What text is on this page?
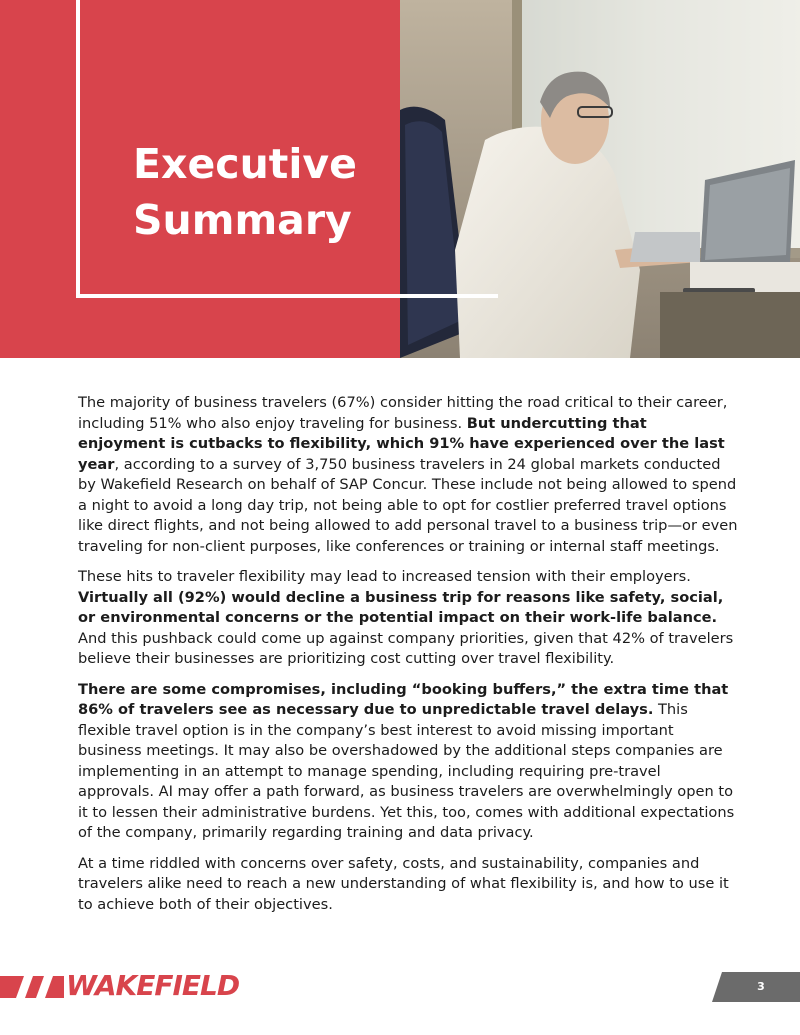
Executive
Summary

The majority of business travelers (67%) consider hitting the road critical to their career, including 51% who also enjoy traveling for business. But undercutting that enjoyment is cutbacks to flexibility, which 91% have experienced over the last year, according to a survey of 3,750 business travelers in 24 global markets conducted by Wakefield Research on behalf of SAP Concur. These include not being allowed to spend a night to avoid a long day trip, not being able to opt for costlier preferred travel options like direct flights, and not being allowed to add personal travel to a business trip—or even traveling for non-client purposes, like conferences or training or internal staff meetings.

These hits to traveler flexibility may lead to increased tension with their employers. Virtually all (92%) would decline a business trip for reasons like safety, social, or environmental concerns or the potential impact on their work-life balance. And this pushback could come up against company priorities, given that 42% of travelers believe their businesses are prioritizing cost cutting over travel flexibility.

There are some compromises, including “booking buffers,” the extra time that 86% of travelers see as necessary due to unpredictable travel delays. This flexible travel option is in the company’s best interest to avoid missing important business meetings. It may also be overshadowed by the additional steps companies are implementing in an attempt to manage spending, including requiring pre-travel approvals. AI may offer a path forward, as business travelers are overwhelmingly open to it to lessen their administrative burdens. Yet this, too, comes with additional expectations of the company, primarily regarding training and data privacy.

At a time riddled with concerns over safety, costs, and sustainability, companies and travelers alike need to reach a new understanding of what flexibility is, and how to use it to achieve both of their objectives.

WAKEFIELD	3
